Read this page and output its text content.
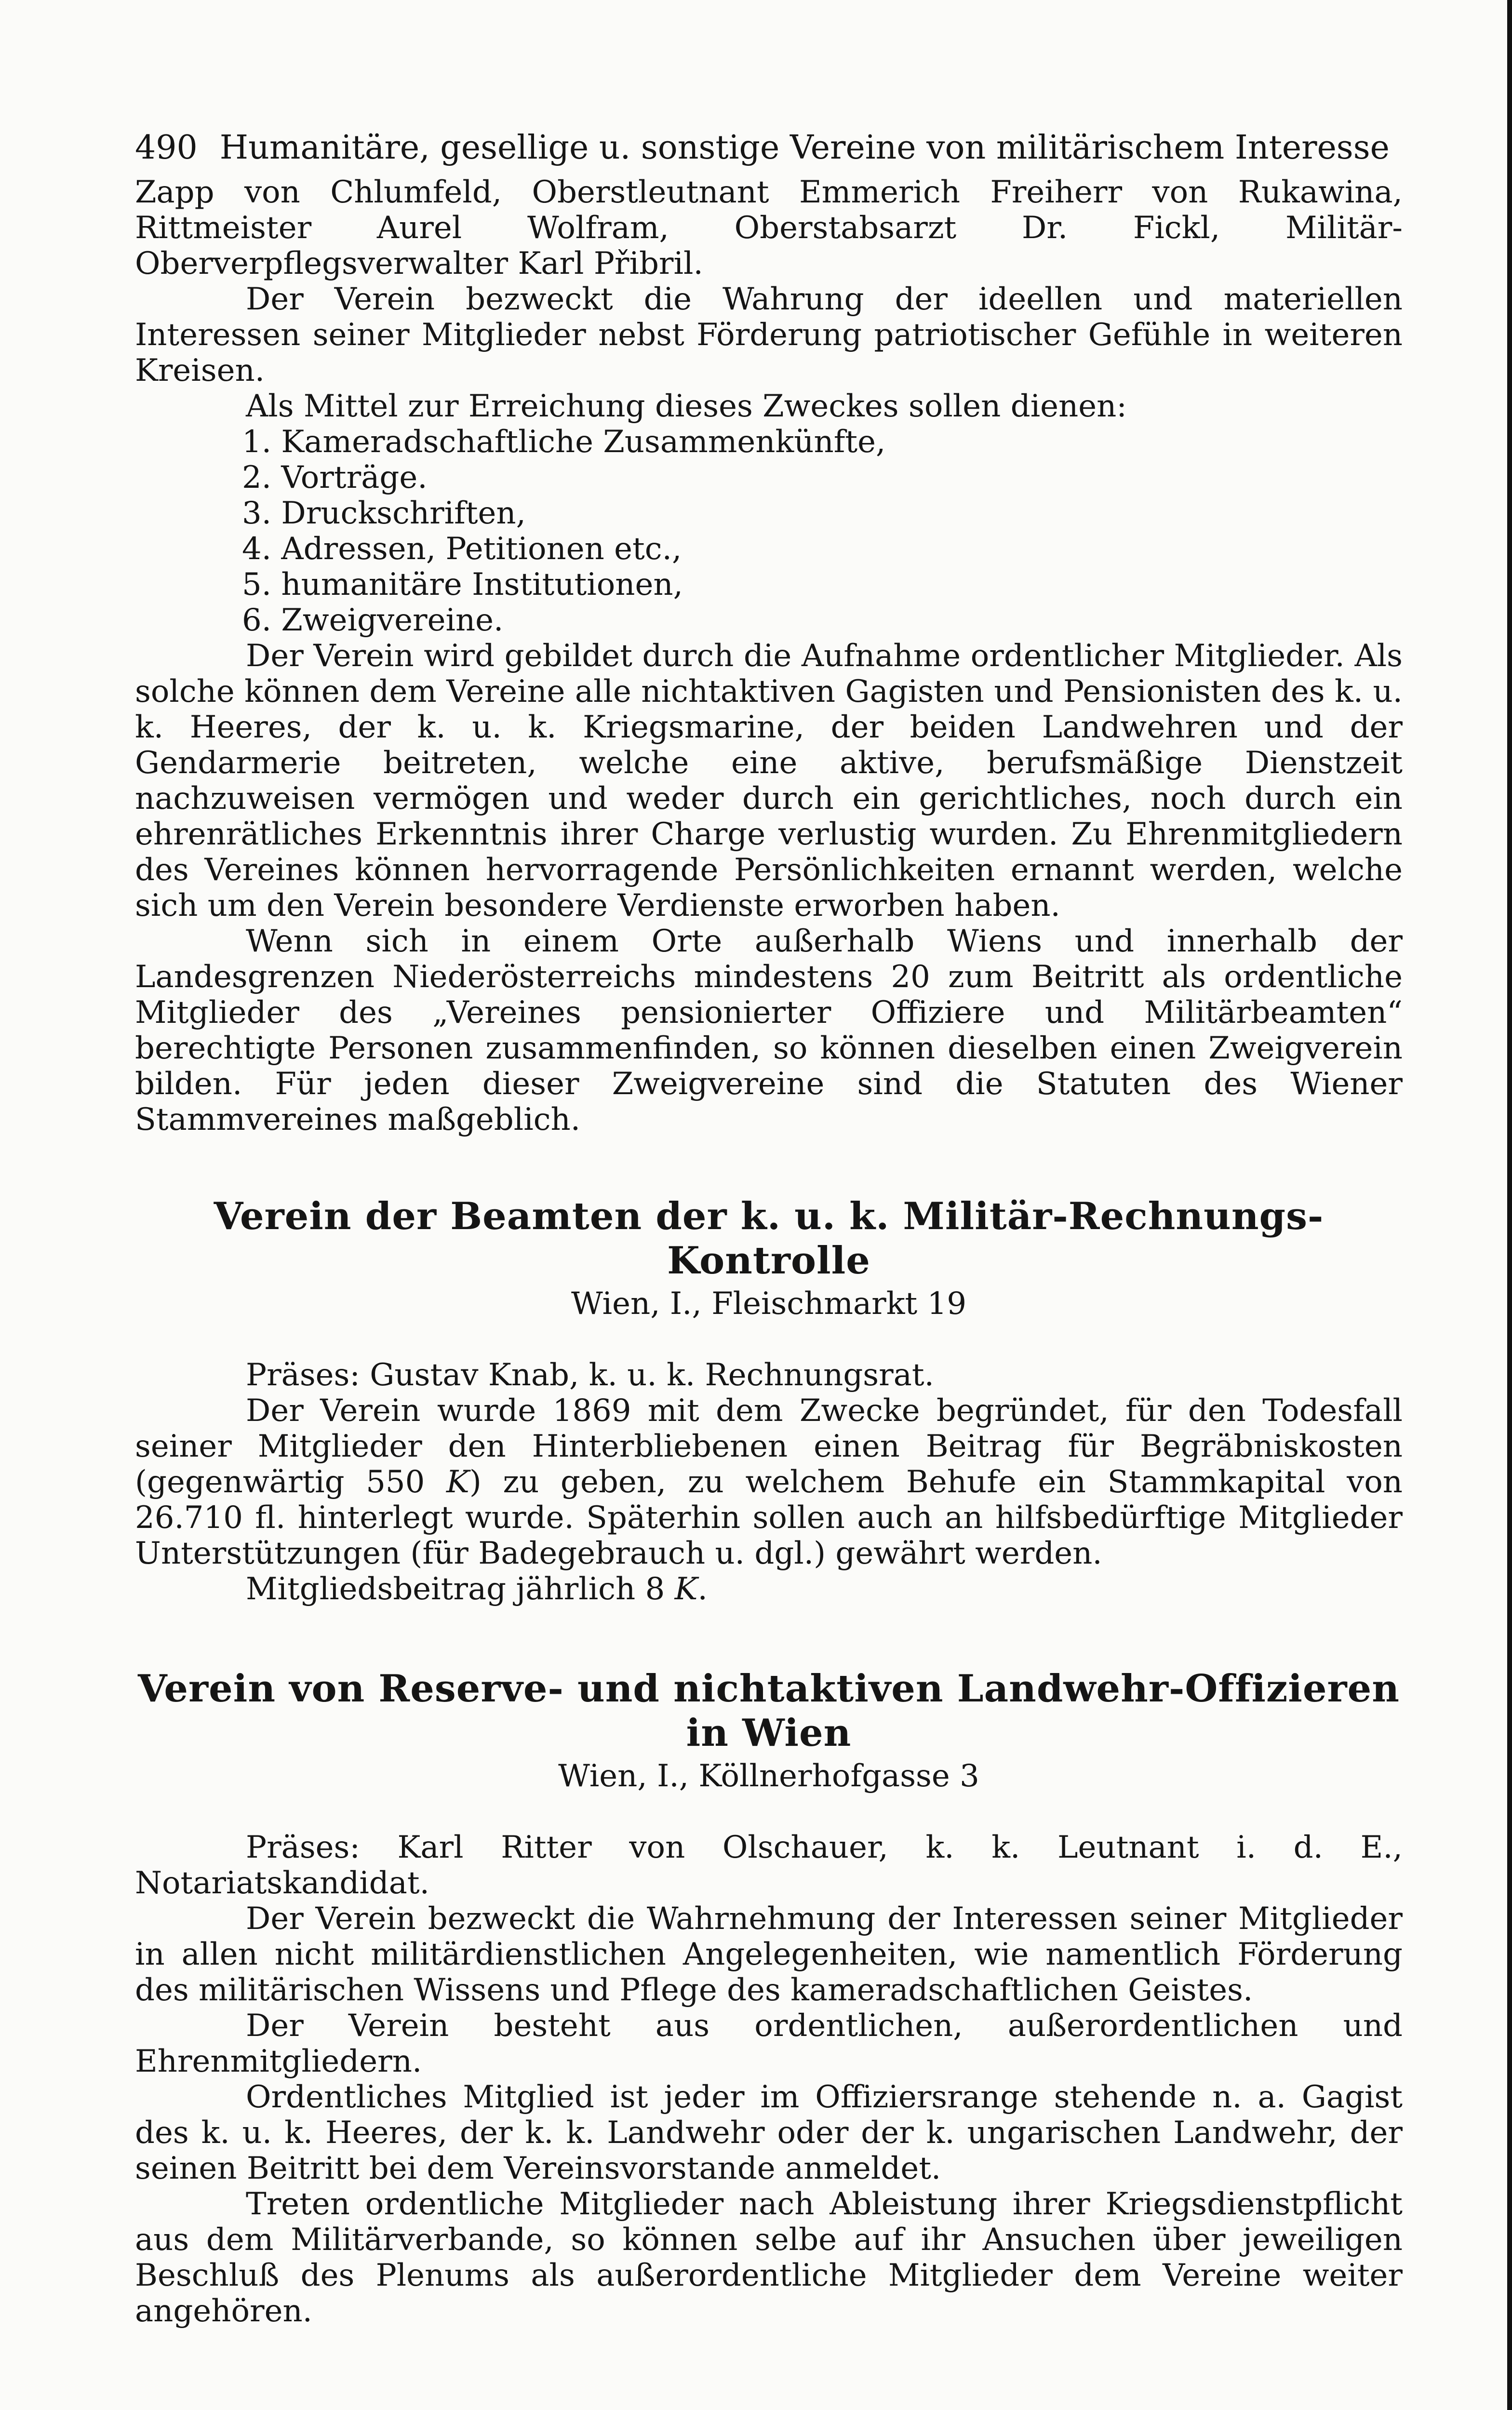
490 Humanitäre, gesellige u. sonstige Vereine von militärischem Interesse

Zapp von Chlumfeld, Oberstleutnant Emmerich Freiherr von Rukawina, Rittmeister Aurel Wolfram, Oberstabsarzt Dr. Fickl, Militär-Oberverpflegsverwalter Karl Přibril.

Der Verein bezweckt die Wahrung der ideellen und materiellen Interessen seiner Mitglieder nebst Förderung patriotischer Gefühle in weiteren Kreisen.

Als Mittel zur Erreichung dieses Zweckes sollen dienen:

1. Kameradschaftliche Zusammenkünfte,

2. Vorträge.

3. Druckschriften,

4. Adressen, Petitionen etc.,

5. humanitäre Institutionen,

6. Zweigvereine.

Der Verein wird gebildet durch die Aufnahme ordentlicher Mitglieder. Als solche können dem Vereine alle nichtaktiven Gagisten und Pensionisten des k. u. k. Heeres, der k. u. k. Kriegsmarine, der beiden Landwehren und der Gendarmerie beitreten, welche eine aktive, berufsmäßige Dienstzeit nachzuweisen vermögen und weder durch ein gerichtliches, noch durch ein ehrenrätliches Erkenntnis ihrer Charge verlustig wurden. Zu Ehrenmitgliedern des Vereines können hervorragende Persönlichkeiten ernannt werden, welche sich um den Verein besondere Verdienste erworben haben.

Wenn sich in einem Orte außerhalb Wiens und innerhalb der Landesgrenzen Niederösterreichs mindestens 20 zum Beitritt als ordentliche Mitglieder des „Vereines pensionierter Offiziere und Militärbeamten“ berechtigte Personen zusammenfinden, so können dieselben einen Zweigverein bilden. Für jeden dieser Zweigvereine sind die Statuten des Wiener Stammvereines maßgeblich.

Verein der Beamten der k. u. k. Militär-Rechnungs-Kontrolle

Wien, I., Fleischmarkt 19

Präses: Gustav Knab, k. u. k. Rechnungsrat.

Der Verein wurde 1869 mit dem Zwecke begründet, für den Todesfall seiner Mitglieder den Hinterbliebenen einen Beitrag für Begräbniskosten (gegenwärtig 550 K) zu geben, zu welchem Behufe ein Stammkapital von 26.710 fl. hinterlegt wurde. Späterhin sollen auch an hilfsbedürftige Mitglieder Unterstützungen (für Badegebrauch u. dgl.) gewährt werden.

Mitgliedsbeitrag jährlich 8 K.

Verein von Reserve- und nichtaktiven Landwehr-Offizieren
in Wien

Wien, I., Köllnerhofgasse 3

Präses: Karl Ritter von Olschauer, k. k. Leutnant i. d. E., Notariatskandidat.

Der Verein bezweckt die Wahrnehmung der Interessen seiner Mitglieder in allen nicht militärdienstlichen Angelegenheiten, wie namentlich Förderung des militärischen Wissens und Pflege des kameradschaftlichen Geistes.

Der Verein besteht aus ordentlichen, außerordentlichen und Ehrenmitgliedern.

Ordentliches Mitglied ist jeder im Offiziersrange stehende n. a. Gagist des k. u. k. Heeres, der k. k. Landwehr oder der k. ungarischen Landwehr, der seinen Beitritt bei dem Vereinsvorstande anmeldet.

Treten ordentliche Mitglieder nach Ableistung ihrer Kriegsdienstpflicht aus dem Militärverbande, so können selbe auf ihr Ansuchen über jeweiligen Beschluß des Plenums als außerordentliche Mitglieder dem Vereine weiter angehören.
